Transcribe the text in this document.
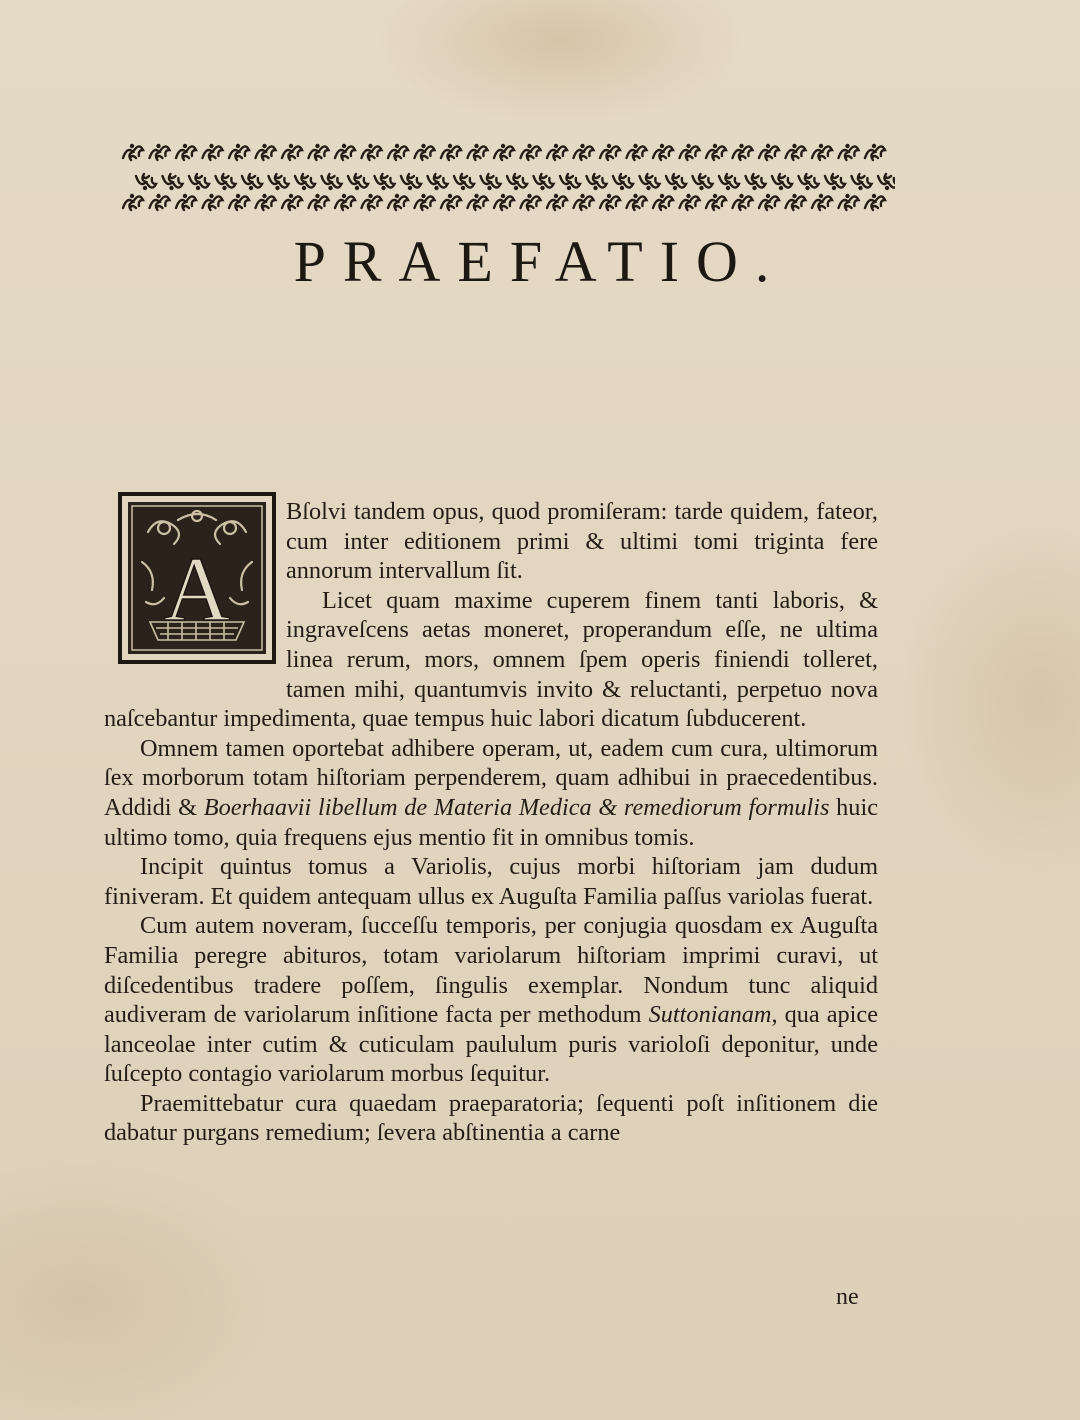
PRAEFATIO.
A

Bſolvi tandem opus, quod promiſeram: tarde quidem, fateor, cum inter editionem primi & ultimi tomi triginta fere annorum intervallum ſit.

Licet quam maxime cuperem finem tanti laboris, & ingraveſcens aetas moneret, properandum eſſe, ne ultima linea rerum, mors, omnem ſpem operis finiendi tolleret, tamen mihi, quantumvis invito & reluctanti, perpetuo nova naſcebantur impedimenta, quae tempus huic labori dicatum ſubducerent.

Omnem tamen oportebat adhibere operam, ut, eadem cum cura, ultimorum ſex morborum totam hiſtoriam perpenderem, quam adhibui in praecedentibus. Addidi & Boerhaavii libellum de Materia Medica & remediorum formulis huic ultimo tomo, quia frequens ejus mentio fit in omnibus tomis.

Incipit quintus tomus a Variolis, cujus morbi hiſtoriam jam dudum finiveram. Et quidem antequam ullus ex Auguſta Familia paſſus variolas fuerat.

Cum autem noveram, ſucceſſu temporis, per conjugia quosdam ex Auguſta Familia peregre abituros, totam variolarum hiſtoriam imprimi curavi, ut diſcedentibus tradere poſſem, ſingulis exemplar. Nondum tunc aliquid audiveram de variolarum inſitione facta per methodum Suttonianam, qua apice lanceolae inter cutim & cuticulam paululum puris varioloſi deponitur, unde ſuſcepto contagio variolarum morbus ſequitur.

Praemittebatur cura quaedam praeparatoria; ſequenti poſt inſitionem die dabatur purgans remedium; ſevera abſtinentia a carne

ne
